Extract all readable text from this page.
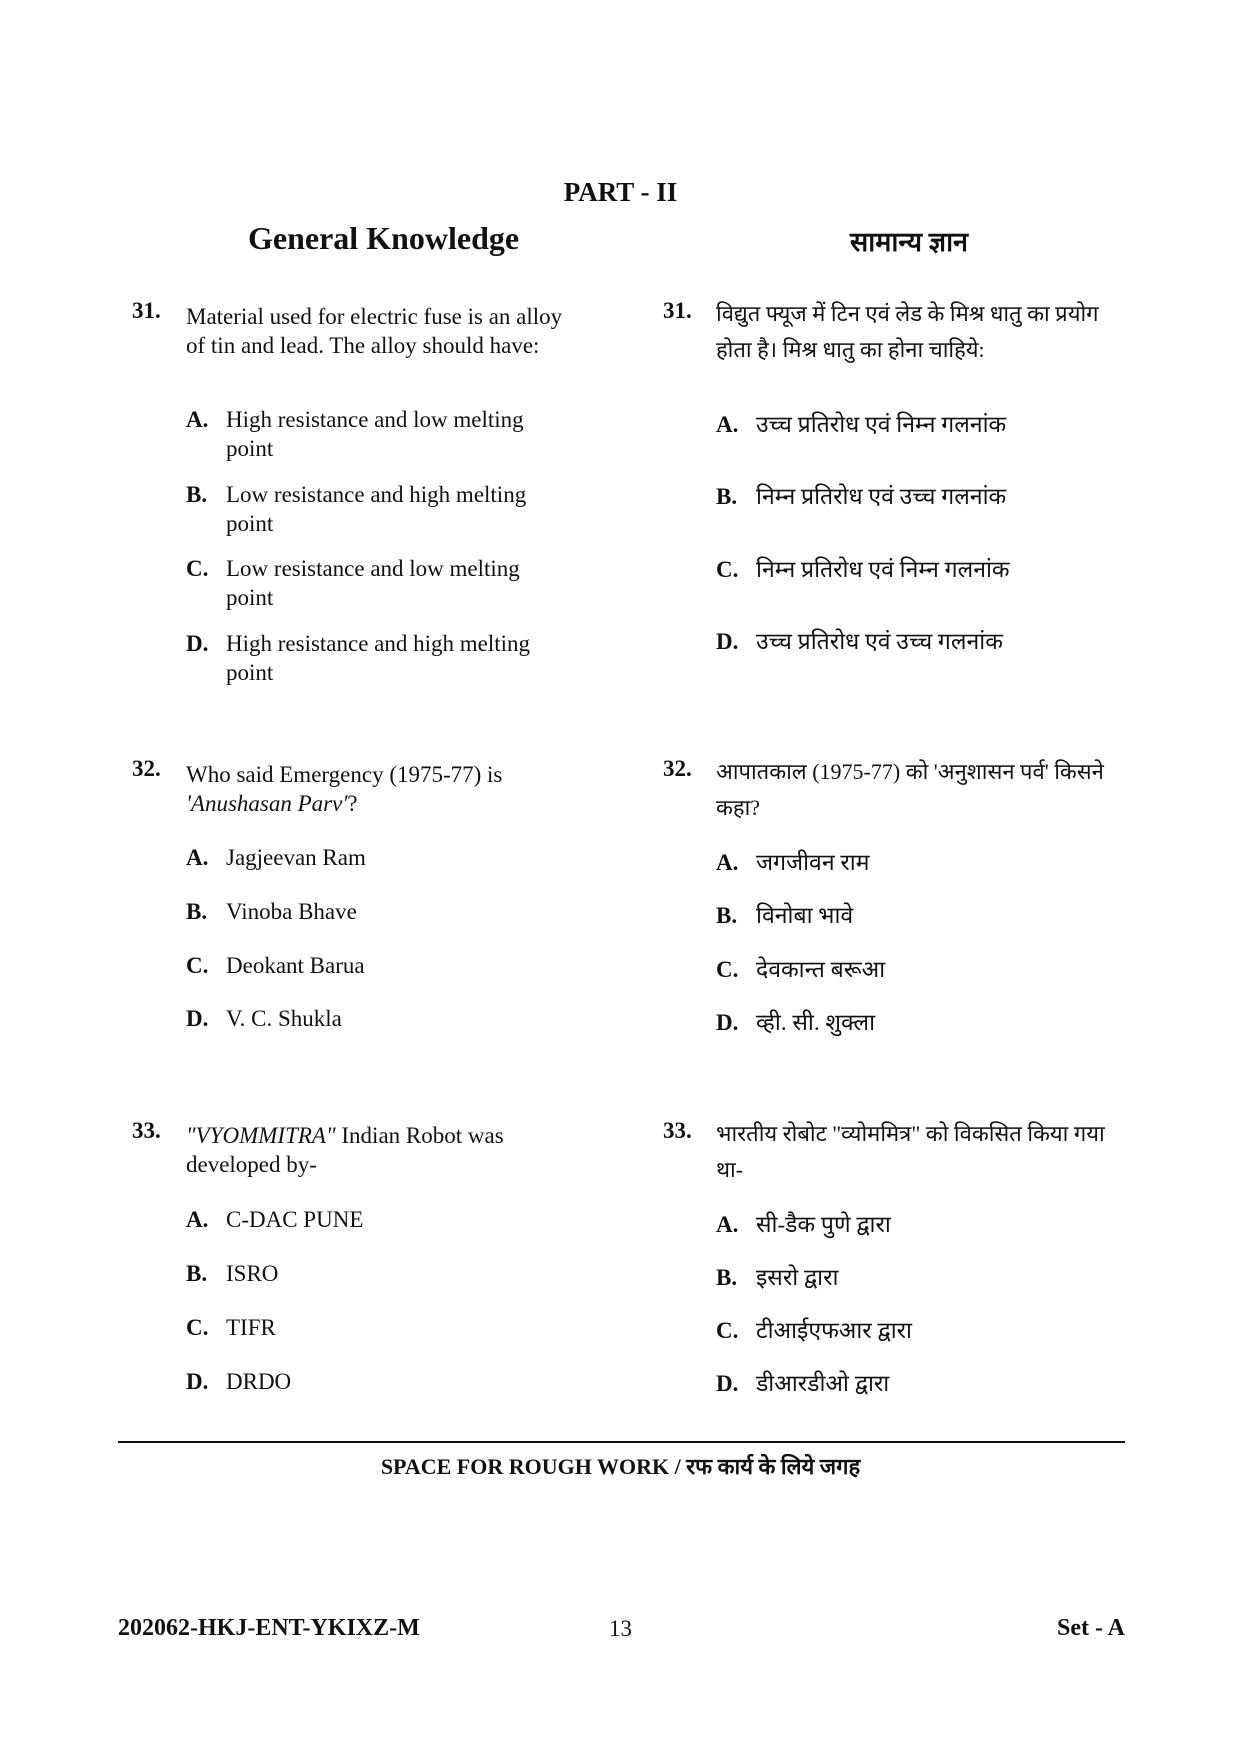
PART - II
General Knowledge	सामान्य ज्ञान
31. Material used for electric fuse is an alloy of tin and lead. The alloy should have:
A. High resistance and low melting point
B. Low resistance and high melting point
C. Low resistance and low melting point
D. High resistance and high melting point
31. विद्युत फ्यूज में टिन एवं लेड के मिश्र धातु का प्रयोग होता है। मिश्र धातु का होना चाहिये:
A. उच्च प्रतिरोध एवं निम्न गलनांक
B. निम्न प्रतिरोध एवं उच्च गलनांक
C. निम्न प्रतिरोध एवं निम्न गलनांक
D. उच्च प्रतिरोध एवं उच्च गलनांक
32. Who said Emergency (1975-77) is 'Anushasan Parv'?
A. Jagjeevan Ram
B. Vinoba Bhave
C. Deokant Barua
D. V. C. Shukla
32. आपातकाल (1975-77) को 'अनुशासन पर्व' किसने कहा?
A. जगजीवन राम
B. विनोबा भावे
C. देवकान्त बरूआ
D. व्ही. सी. शुक्ला
33. "VYOMMITRA" Indian Robot was developed by-
A. C-DAC PUNE
B. ISRO
C. TIFR
D. DRDO
33. भारतीय रोबोट "व्योममित्र" को विकसित किया गया था-
A. सी-डैक पुणे द्वारा
B. इसरो द्वारा
C. टीआईएफआर द्वारा
D. डीआरडीओ द्वारा
SPACE FOR ROUGH WORK / रफ कार्य के लिये जगह
202062-HKJ-ENT-YKIXZ-M	13	Set - A
